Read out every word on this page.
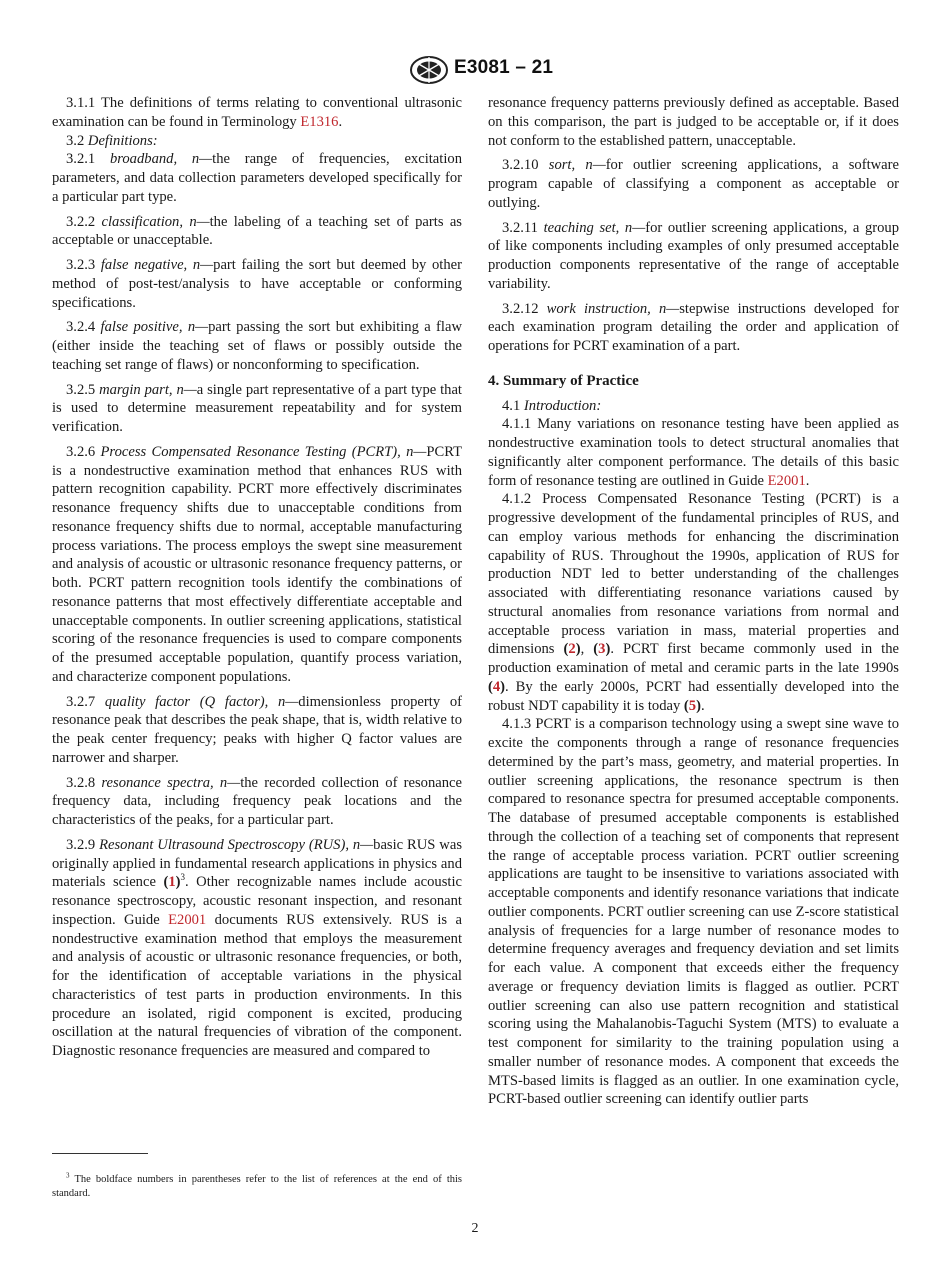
E3081 – 21

3.1.1 The definitions of terms relating to conventional ultrasonic examination can be found in Terminology E1316.

3.2 Definitions:

3.2.1 broadband, n—the range of frequencies, excitation parameters, and data collection parameters developed specifically for a particular part type.

3.2.2 classification, n—the labeling of a teaching set of parts as acceptable or unacceptable.

3.2.3 false negative, n—part failing the sort but deemed by other method of post-test/analysis to have acceptable or conforming specifications.

3.2.4 false positive, n—part passing the sort but exhibiting a flaw (either inside the teaching set of flaws or possibly outside the teaching set range of flaws) or nonconforming to specification.

3.2.5 margin part, n—a single part representative of a part type that is used to determine measurement repeatability and for system verification.

3.2.6 Process Compensated Resonance Testing (PCRT), n—PCRT is a nondestructive examination method that enhances RUS with pattern recognition capability. PCRT more effectively discriminates resonance frequency shifts due to unacceptable conditions from resonance frequency shifts due to normal, acceptable manufacturing process variations. The process employs the swept sine measurement and analysis of acoustic or ultrasonic resonance frequency patterns, or both. PCRT pattern recognition tools identify the combinations of resonance patterns that most effectively differentiate acceptable and unacceptable components. In outlier screening applications, statistical scoring of the resonance frequencies is used to compare components of the presumed acceptable population, quantify process variation, and characterize component populations.

3.2.7 quality factor (Q factor), n—dimensionless property of resonance peak that describes the peak shape, that is, width relative to the peak center frequency; peaks with higher Q factor values are narrower and sharper.

3.2.8 resonance spectra, n—the recorded collection of resonance frequency data, including frequency peak locations and the characteristics of the peaks, for a particular part.

3.2.9 Resonant Ultrasound Spectroscopy (RUS), n—basic RUS was originally applied in fundamental research applications in physics and materials science $(1)^3$. Other recognizable names include acoustic resonance spectroscopy, acoustic resonant inspection, and resonant inspection. Guide E2001 documents RUS extensively. RUS is a nondestructive examination method that employs the measurement and analysis of acoustic or ultrasonic resonance frequencies, or both, for the identification of acceptable variations in the physical characteristics of test parts in production environments. In this procedure an isolated, rigid component is excited, producing oscillation at the natural frequencies of vibration of the component. Diagnostic resonance frequencies are measured and compared to

resonance frequency patterns previously defined as acceptable. Based on this comparison, the part is judged to be acceptable or, if it does not conform to the established pattern, unacceptable.

3.2.10 sort, n—for outlier screening applications, a software program capable of classifying a component as acceptable or outlying.

3.2.11 teaching set, n—for outlier screening applications, a group of like components including examples of only presumed acceptable production components representative of the range of acceptable variability.

3.2.12 work instruction, n—stepwise instructions developed for each examination program detailing the order and application of operations for PCRT examination of a part.

4. Summary of Practice

4.1 Introduction:

4.1.1 Many variations on resonance testing have been applied as nondestructive examination tools to detect structural anomalies that significantly alter component performance. The details of this basic form of resonance testing are outlined in Guide E2001.

4.1.2 Process Compensated Resonance Testing (PCRT) is a progressive development of the fundamental principles of RUS, and can employ various methods for enhancing the discrimination capability of RUS. Throughout the 1990s, application of RUS for production NDT led to better understanding of the challenges associated with differentiating resonance variations caused by structural anomalies from resonance variations from normal and acceptable process variation in mass, material properties and dimensions (2), (3). PCRT first became commonly used in the production examination of metal and ceramic parts in the late 1990s (4). By the early 2000s, PCRT had essentially developed into the robust NDT capability it is today (5).

4.1.3 PCRT is a comparison technology using a swept sine wave to excite the components through a range of resonance frequencies determined by the part’s mass, geometry, and material properties. In outlier screening applications, the resonance spectrum is then compared to resonance spectra for presumed acceptable components. The database of presumed acceptable components is established through the collection of a teaching set of components that represent the range of acceptable process variation. PCRT outlier screening applications are taught to be insensitive to variations associated with acceptable components and identify resonance variations that indicate outlier components. PCRT outlier screening can use Z-score statistical analysis of frequencies for a large number of resonance modes to determine frequency averages and frequency deviation and set limits for each value. A component that exceeds either the frequency average or frequency deviation limits is flagged as outlier. PCRT outlier screening can also use pattern recognition and statistical scoring using the Mahalanobis-Taguchi System (MTS) to evaluate a test component for similarity to the training population using a smaller number of resonance modes. A component that exceeds the MTS-based limits is flagged as an outlier. In one examination cycle, PCRT-based outlier screening can identify outlier parts

$^3$ The boldface numbers in parentheses refer to the list of references at the end of this standard.

2
